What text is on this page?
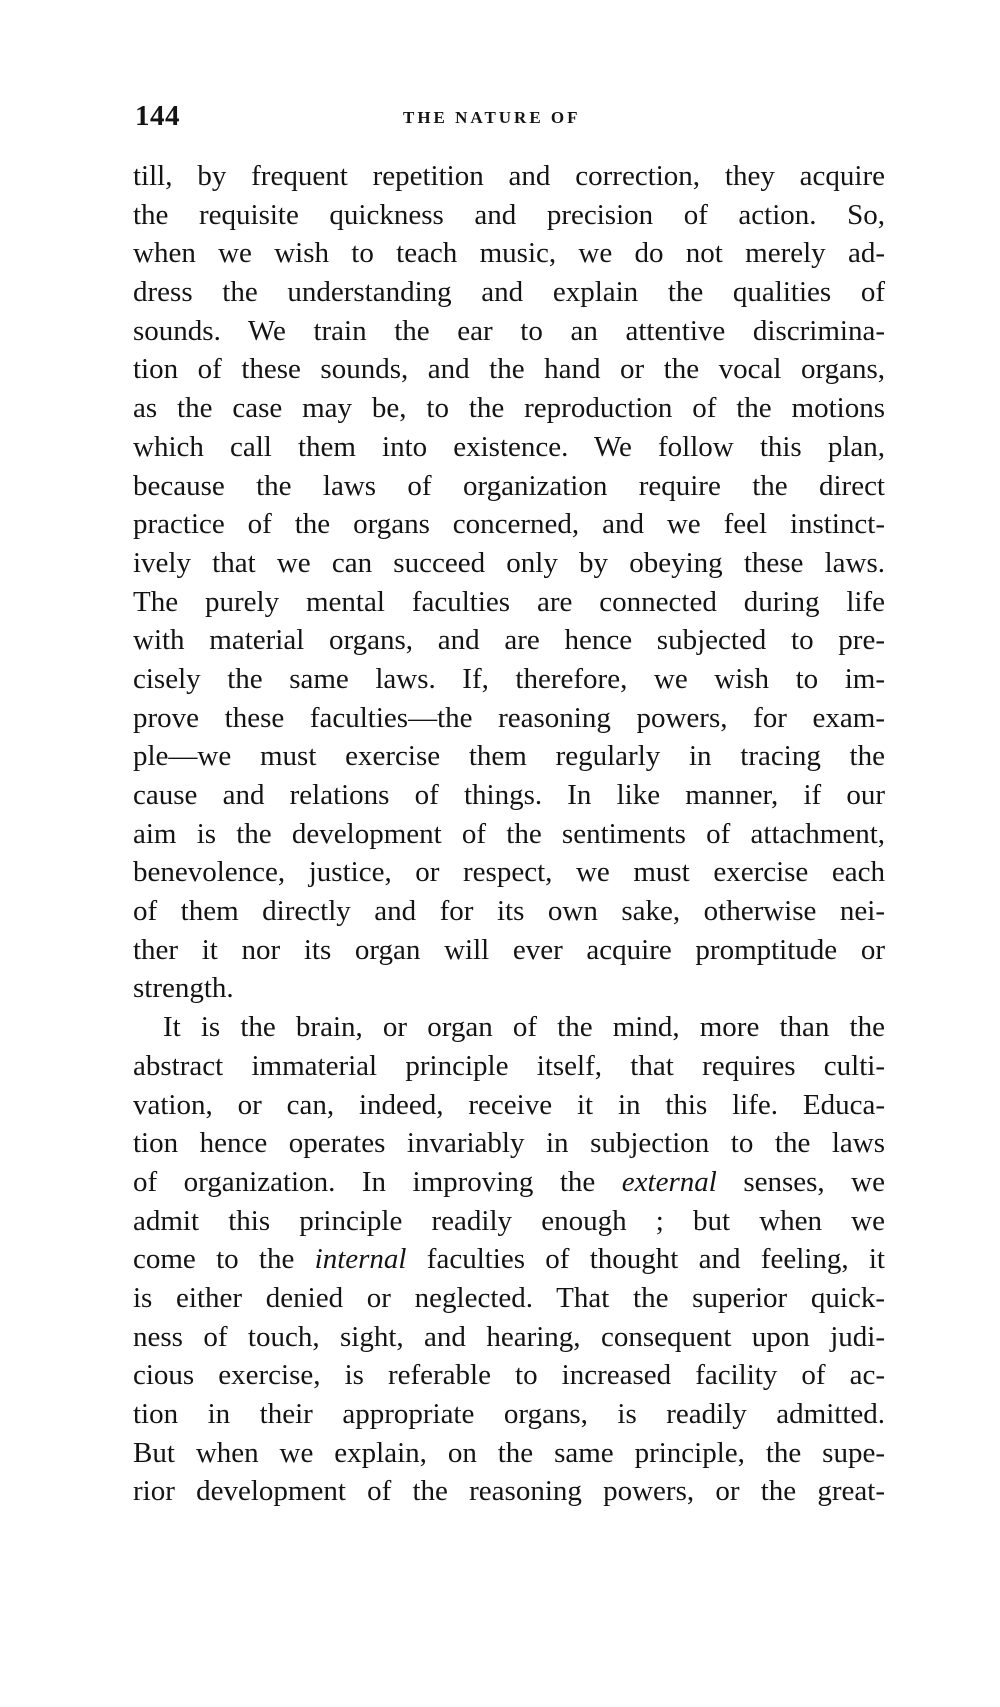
144	THE NATURE OF
till, by frequent repetition and correction, they acquire
the requisite quickness and precision of action. So,
when we wish to teach music, we do not merely ad-
dress the understanding and explain the qualities of
sounds. We train the ear to an attentive discrimina-
tion of these sounds, and the hand or the vocal organs,
as the case may be, to the reproduction of the motions
which call them into existence. We follow this plan,
because the laws of organization require the direct
practice of the organs concerned, and we feel instinct-
ively that we can succeed only by obeying these laws.
The purely mental faculties are connected during life
with material organs, and are hence subjected to pre-
cisely the same laws. If, therefore, we wish to im-
prove these faculties—the reasoning powers, for exam-
ple—we must exercise them regularly in tracing the
cause and relations of things. In like manner, if our
aim is the development of the sentiments of attachment,
benevolence, justice, or respect, we must exercise each
of them directly and for its own sake, otherwise nei-
ther it nor its organ will ever acquire promptitude or
strength.
It is the brain, or organ of the mind, more than the
abstract immaterial principle itself, that requires culti-
vation, or can, indeed, receive it in this life. Educa-
tion hence operates invariably in subjection to the laws
of organization. In improving the external senses, we
admit this principle readily enough ; but when we
come to the internal faculties of thought and feeling, it
is either denied or neglected. That the superior quick-
ness of touch, sight, and hearing, consequent upon judi-
cious exercise, is referable to increased facility of ac-
tion in their appropriate organs, is readily admitted.
But when we explain, on the same principle, the supe-
rior development of the reasoning powers, or the great-
